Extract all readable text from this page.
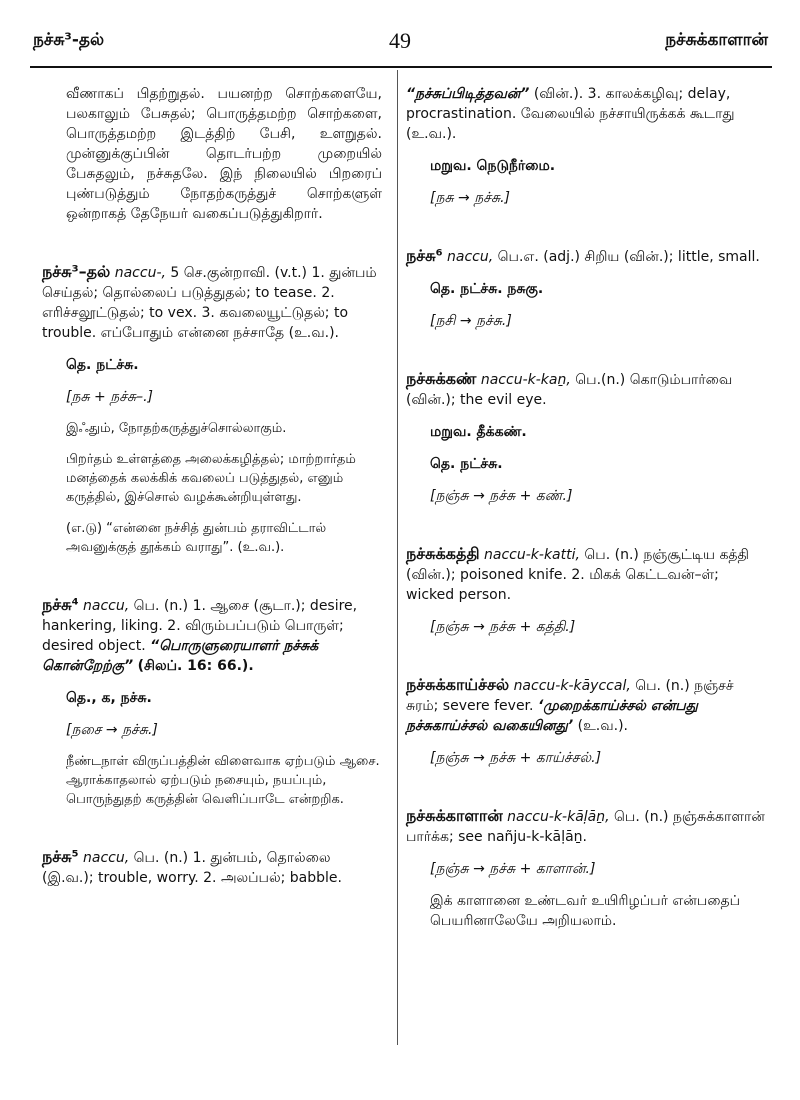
நச்சு³-தல்	49	நச்சுக்காளான்
வீணாகப் பிதற்றுதல். பயனற்ற சொற்களையே, பலகாலும் பேசுதல்; பொருத்தமற்ற சொற்களை, பொருத்தமற்ற இடத்திற் பேசி, உளறுதல். முன்னுக்குப்பின் தொடர்பற்ற முறையில் பேசுதலும், நச்சுதலே. இந் நிலையில் பிறரைப் புண்படுத்தும் நோதற்கருத்துச் சொற்களுள் ஒன்றாகத் தேநேயர் வகைப்படுத்துகிறார்.
நச்சு³–தல் naccu-, 5 செ.குன்றாவி. (v.t.) 1. துன்பம் செய்தல்; தொல்லைப் படுத்துதல்; to tease. 2. எரிச்சலூட்டுதல்; to vex. 3. கவலையூட்டுதல்; to trouble. எப்போதும் என்னை நச்சாதே (உ.வ.).
தெ. நட்ச்சு.
[நசு + நச்சு–.]
இஃதும், நோதற்கருத்துச்சொல்லாகும்.
பிறர்தம் உள்ளத்தை அலைக்கழித்தல்; மாற்றார்தம் மனத்தைக் கலக்கிக் கவலைப் படுத்துதல், எனும் கருத்தில், இச்சொல் வழக்கூன்றியுள்ளது.
(எ.டு) “என்னை நச்சித் துன்பம் தராவிட்டால் அவனுக்குத் தூக்கம் வராது”. (உ.வ.).
நச்சு⁴ naccu, பெ. (n.) 1. ஆசை (சூடா.); desire, hankering, liking. 2. விரும்பப்படும் பொருள்; desired object. “பொருளுரையாளர் நச்சுக் கொன்றேற்கு” (சிலப். 16: 66.).
தெ., க, நச்சு.
[நசை → நச்சு.]
நீண்டநாள் விருப்பத்தின் விளைவாக ஏற்படும் ஆசை. ஆராக்காதலால் ஏற்படும் நசையும், நயப்பும், பொருந்துதற் கருத்தின் வெளிப்பாடே என்றறிக.
நச்சு⁵ naccu, பெ. (n.) 1. துன்பம், தொல்லை (இ.வ.); trouble, worry. 2. அலப்பல்; babble.
“நச்சுப்பிடித்தவன்” (வின்.). 3. காலக்கழிவு; delay, procrastination. வேலையில் நச்சாயிருக்கக் கூடாது (உ.வ.).
மறுவ. நெடுநீர்மை.
[நசு → நச்சு.]
நச்சு⁶ naccu, பெ.எ. (adj.) சிறிய (வின்.); little, small.
தெ. நட்ச்சு. நசுகு.
[நசி → நச்சு.]
நச்சுக்கண் naccu-k-kaṉ, பெ.(n.) கொடும்பார்வை (வின்.); the evil eye.
மறுவ. தீக்கண்.
தெ. நட்ச்சு.
[நஞ்சு → நச்சு + கண்.]
நச்சுக்கத்தி naccu-k-katti, பெ. (n.) நஞ்சூட்டிய கத்தி (வின்.); poisoned knife. 2. மிகக் கெட்டவன்–ள்; wicked person.
[நஞ்சு → நச்சு + கத்தி.]
நச்சுக்காய்ச்சல் naccu-k-kāyccal, பெ. (n.) நஞ்சச் சுரம்; severe fever. ‘முறைக்காய்ச்சல் என்பது நச்சுகாய்ச்சல் வகையினது’ (உ.வ.).
[நஞ்சு → நச்சு + காய்ச்சல்.]
நச்சுக்காளான் naccu-k-kāḷāṉ, பெ. (n.) நஞ்சுக்காளான் பார்க்க; see nañju-k-kāḷāṉ.
[நஞ்சு → நச்சு + காளான்.]
இக் காளானை உண்டவர் உயிரிழப்பர் என்பதைப் பெயரினாலேயே அறியலாம்.
